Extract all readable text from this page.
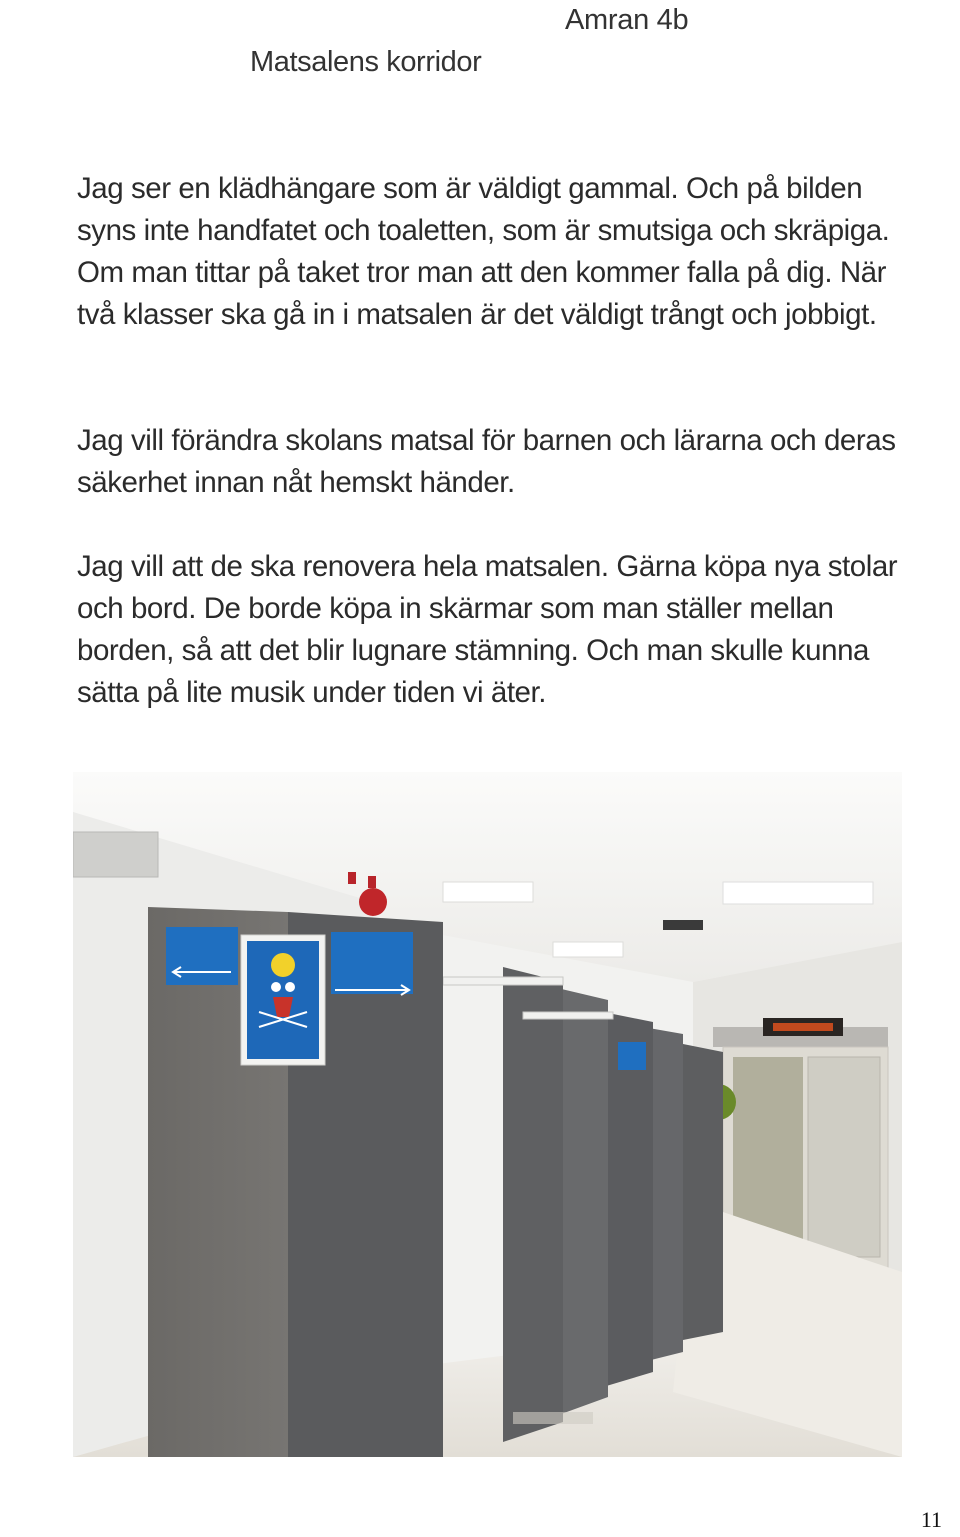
Amran 4b
Matsalens korridor

Jag ser en klädhängare som är väldigt gammal. Och på bilden syns inte handfatet och toaletten, som är smutsiga och skräpiga. Om man tittar på taket tror man att den kommer falla på dig. När två klasser ska gå in i matsalen är det väldigt trångt och jobbigt.

Jag vill förändra skolans matsal för barnen och lärarna och deras säkerhet innan nåt hemskt händer.

Jag vill att de ska renovera hela matsalen. Gärna köpa nya stolar och bord. De borde köpa in skärmar som man ställer mellan borden, så att det blir lugnare stämning. Och man skulle kunna sätta på lite musik under tiden vi äter.

11
